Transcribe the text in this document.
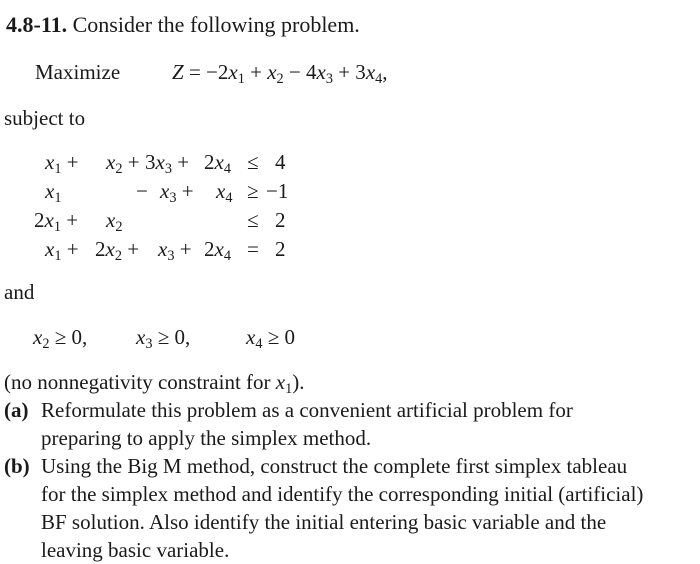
4.8-11. Consider the following problem.
Maximize $Z = -2x_1 + x_2 - 4x_3 + 3x_4$,
subject to
$x_1 + x_2 + 3x_3 + 2x_4 \le 4$
$x_1$	− $x_3 + x_4 \ge -1$
$2x_1 + x_2$	≤ 2
$x_1 + 2x_2 + x_3 + 2x_4 = 2$
and
$x_2 \ge 0$, $x_3 \ge 0$,	$x_4 \ge 0$
(no nonnegativity constraint for $x_1$).
(a) Reformulate this problem as a convenient artificial problem for preparing to apply the simplex method.
(b) Using the Big M method, construct the complete first simplex tableau for the simplex method and identify the corresponding initial (artificial) BF solution. Also identify the initial entering basic variable and the leaving basic variable.
